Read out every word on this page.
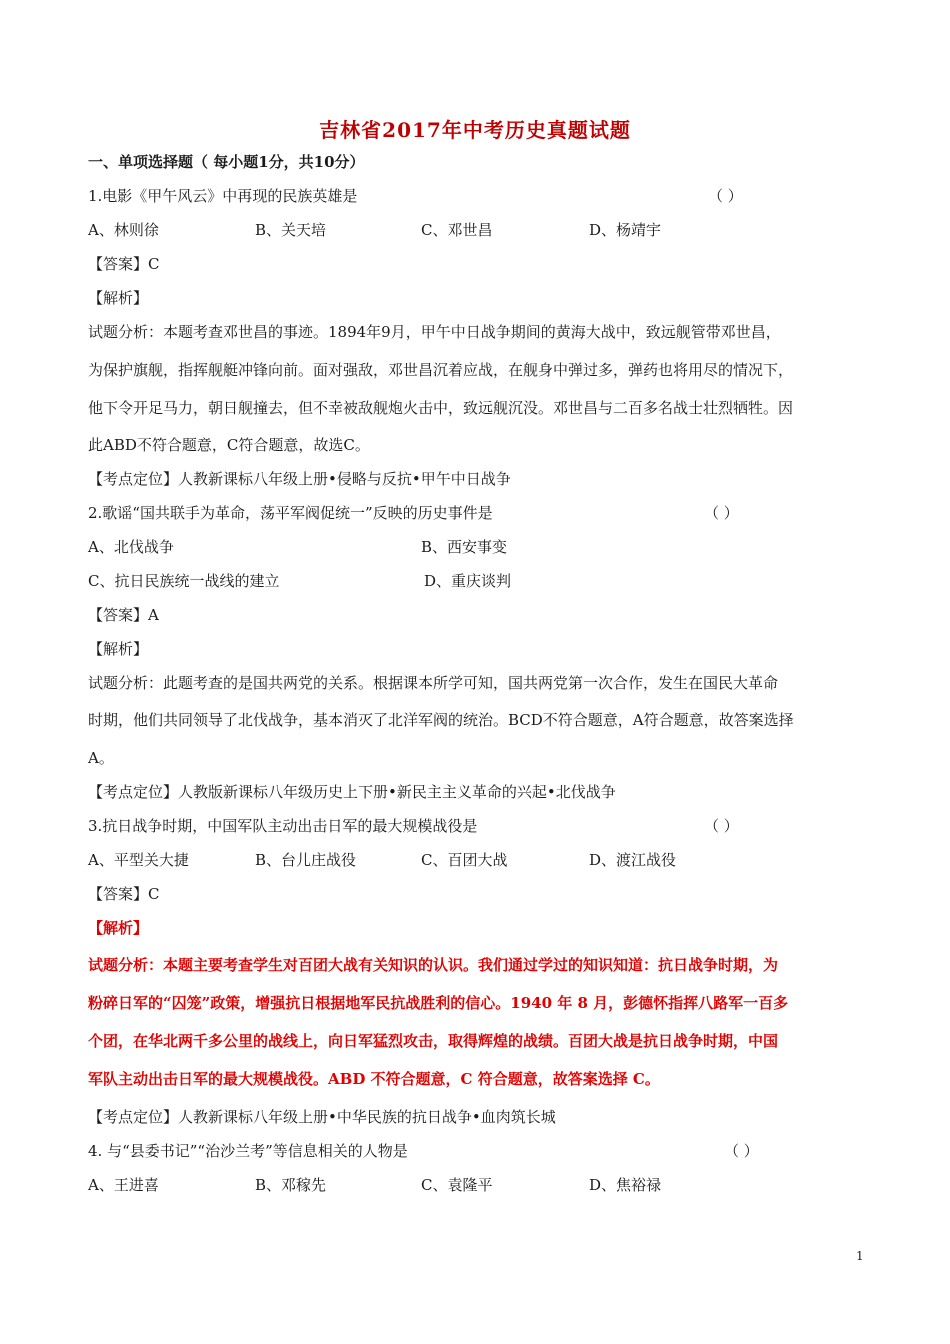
吉林省2017年中考历史真题试题
一、单项选择题（ 每小题1分，共10分）
1.电影《甲午风云》中再现的民族英雄是	（ ）
A、林则徐	B、关天培	C、邓世昌	D、杨靖宇
【答案】C
【解析】
试题分析：本题考查邓世昌的事迹。1894年9月，甲午中日战争期间的黄海大战中，致远舰管带邓世昌，
为保护旗舰，指挥舰艇冲锋向前。面对强敌，邓世昌沉着应战，在舰身中弹过多，弹药也将用尽的情况下，
他下令开足马力，朝日舰撞去，但不幸被敌舰炮火击中，致远舰沉没。邓世昌与二百多名战士壮烈牺牲。因
此ABD不符合题意，C符合题意，故选C。
【考点定位】人教新课标八年级上册•侵略与反抗•甲午中日战争
2.歌谣“国共联手为革命，荡平军阀促统一”反映的历史事件是	（ ）
A、北伐战争	B、西安事变
C、抗日民族统一战线的建立	D、重庆谈判
【答案】A
【解析】
试题分析：此题考查的是国共两党的关系。根据课本所学可知，国共两党第一次合作，发生在国民大革命
时期，他们共同领导了北伐战争，基本消灭了北洋军阀的统治。BCD不符合题意，A符合题意，故答案选择
A。
【考点定位】人教版新课标八年级历史上下册•新民主主义革命的兴起•北伐战争
3.抗日战争时期，中国军队主动出击日军的最大规模战役是	（ ）
A、平型关大捷	B、台儿庄战役	C、百团大战	D、渡江战役
【答案】C
【解析】
试题分析：本题主要考查学生对百团大战有关知识的认识。我们通过学过的知识知道：抗日战争时期，为
粉碎日军的“囚笼”政策，增强抗日根据地军民抗战胜利的信心。1940 年 8 月，彭德怀指挥八路军一百多
个团，在华北两千多公里的战线上，向日军猛烈攻击，取得辉煌的战绩。百团大战是抗日战争时期，中国
军队主动出击日军的最大规模战役。ABD 不符合题意，C 符合题意，故答案选择 C。
【考点定位】人教新课标八年级上册•中华民族的抗日战争•血肉筑长城
4. 与“县委书记”“治沙兰考”等信息相关的人物是	（ ）
A、王进喜	B、邓稼先	C、袁隆平	D、焦裕禄
1
